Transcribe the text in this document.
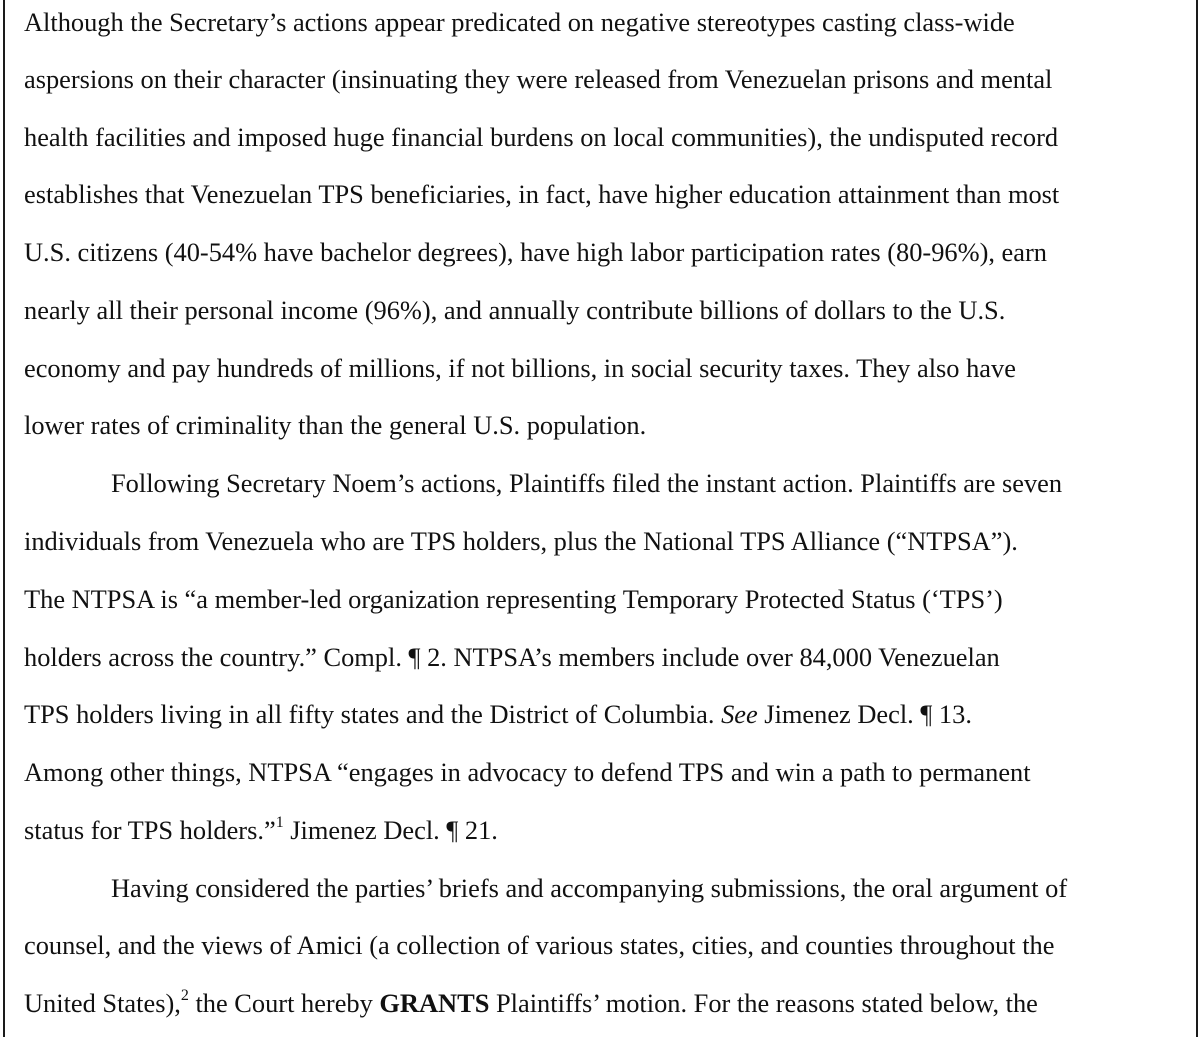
Although the Secretary’s actions appear predicated on negative stereotypes casting class-wide
aspersions on their character (insinuating they were released from Venezuelan prisons and mental
health facilities and imposed huge financial burdens on local communities), the undisputed record
establishes that Venezuelan TPS beneficiaries, in fact, have higher education attainment than most
U.S. citizens (40-54% have bachelor degrees), have high labor participation rates (80-96%), earn
nearly all their personal income (96%), and annually contribute billions of dollars to the U.S.
economy and pay hundreds of millions, if not billions, in social security taxes. They also have
lower rates of criminality than the general U.S. population.
Following Secretary Noem’s actions, Plaintiffs filed the instant action. Plaintiffs are seven
individuals from Venezuela who are TPS holders, plus the National TPS Alliance (“NTPSA”).
The NTPSA is “a member-led organization representing Temporary Protected Status (‘TPS’)
holders across the country.” Compl. ¶ 2. NTPSA’s members include over 84,000 Venezuelan
TPS holders living in all fifty states and the District of Columbia. See Jimenez Decl. ¶ 13.
Among other things, NTPSA “engages in advocacy to defend TPS and win a path to permanent
status for TPS holders.”$^1$ Jimenez Decl. ¶ 21.
Having considered the parties’ briefs and accompanying submissions, the oral argument of
counsel, and the views of Amici (a collection of various states, cities, and counties throughout the
United States),$^2$ the Court hereby GRANTS Plaintiffs’ motion. For the reasons stated below, the
